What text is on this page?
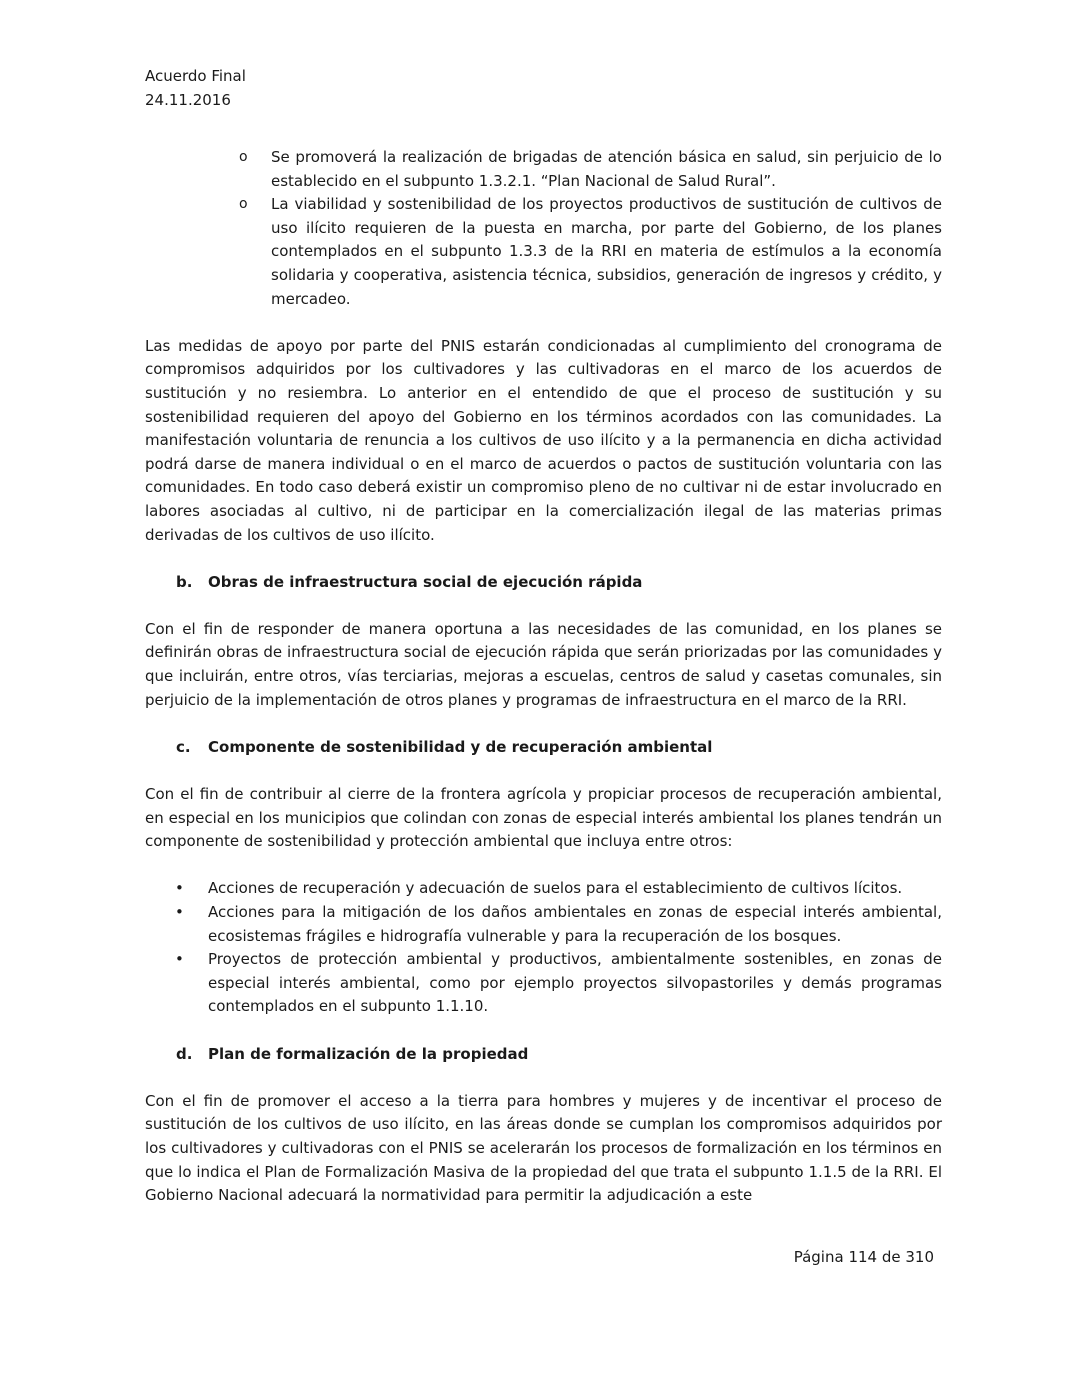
Acuerdo Final
24.11.2016
o Se promoverá la realización de brigadas de atención básica en salud, sin perjuicio de lo establecido en el subpunto 1.3.2.1. “Plan Nacional de Salud Rural”.
o La viabilidad y sostenibilidad de los proyectos productivos de sustitución de cultivos de uso ilícito requieren de la puesta en marcha, por parte del Gobierno, de los planes contemplados en el subpunto 1.3.3 de la RRI en materia de estímulos a la economía solidaria y cooperativa, asistencia técnica, subsidios, generación de ingresos y crédito, y mercadeo.

Las medidas de apoyo por parte del PNIS estarán condicionadas al cumplimiento del cronograma de compromisos adquiridos por los cultivadores y las cultivadoras en el marco de los acuerdos de sustitución y no resiembra. Lo anterior en el entendido de que el proceso de sustitución y su sostenibilidad requieren del apoyo del Gobierno en los términos acordados con las comunidades. La manifestación voluntaria de renuncia a los cultivos de uso ilícito y a la permanencia en dicha actividad podrá darse de manera individual o en el marco de acuerdos o pactos de sustitución voluntaria con las comunidades. En todo caso deberá existir un compromiso pleno de no cultivar ni de estar involucrado en labores asociadas al cultivo, ni de participar en la comercialización ilegal de las materias primas derivadas de los cultivos de uso ilícito.

b. Obras de infraestructura social de ejecución rápida

Con el fin de responder de manera oportuna a las necesidades de las comunidad, en los planes se definirán obras de infraestructura social de ejecución rápida que serán priorizadas por las comunidades y que incluirán, entre otros, vías terciarias, mejoras a escuelas, centros de salud y casetas comunales, sin perjuicio de la implementación de otros planes y programas de infraestructura en el marco de la RRI.

c. Componente de sostenibilidad y de recuperación ambiental

Con el fin de contribuir al cierre de la frontera agrícola y propiciar procesos de recuperación ambiental, en especial en los municipios que colindan con zonas de especial interés ambiental los planes tendrán un componente de sostenibilidad y protección ambiental que incluya entre otros:

• Acciones de recuperación y adecuación de suelos para el establecimiento de cultivos lícitos.
• Acciones para la mitigación de los daños ambientales en zonas de especial interés ambiental, ecosistemas frágiles e hidrografía vulnerable y para la recuperación de los bosques.
• Proyectos de protección ambiental y productivos, ambientalmente sostenibles, en zonas de especial interés ambiental, como por ejemplo proyectos silvopastoriles y demás programas contemplados en el subpunto 1.1.10.

d. Plan de formalización de la propiedad

Con el fin de promover el acceso a la tierra para hombres y mujeres y de incentivar el proceso de sustitución de los cultivos de uso ilícito, en las áreas donde se cumplan los compromisos adquiridos por los cultivadores y cultivadoras con el PNIS se acelerarán los procesos de formalización en los términos en que lo indica el Plan de Formalización Masiva de la propiedad del que trata el subpunto 1.1.5 de la RRI. El Gobierno Nacional adecuará la normatividad para permitir la adjudicación a este

Página 114 de 310
